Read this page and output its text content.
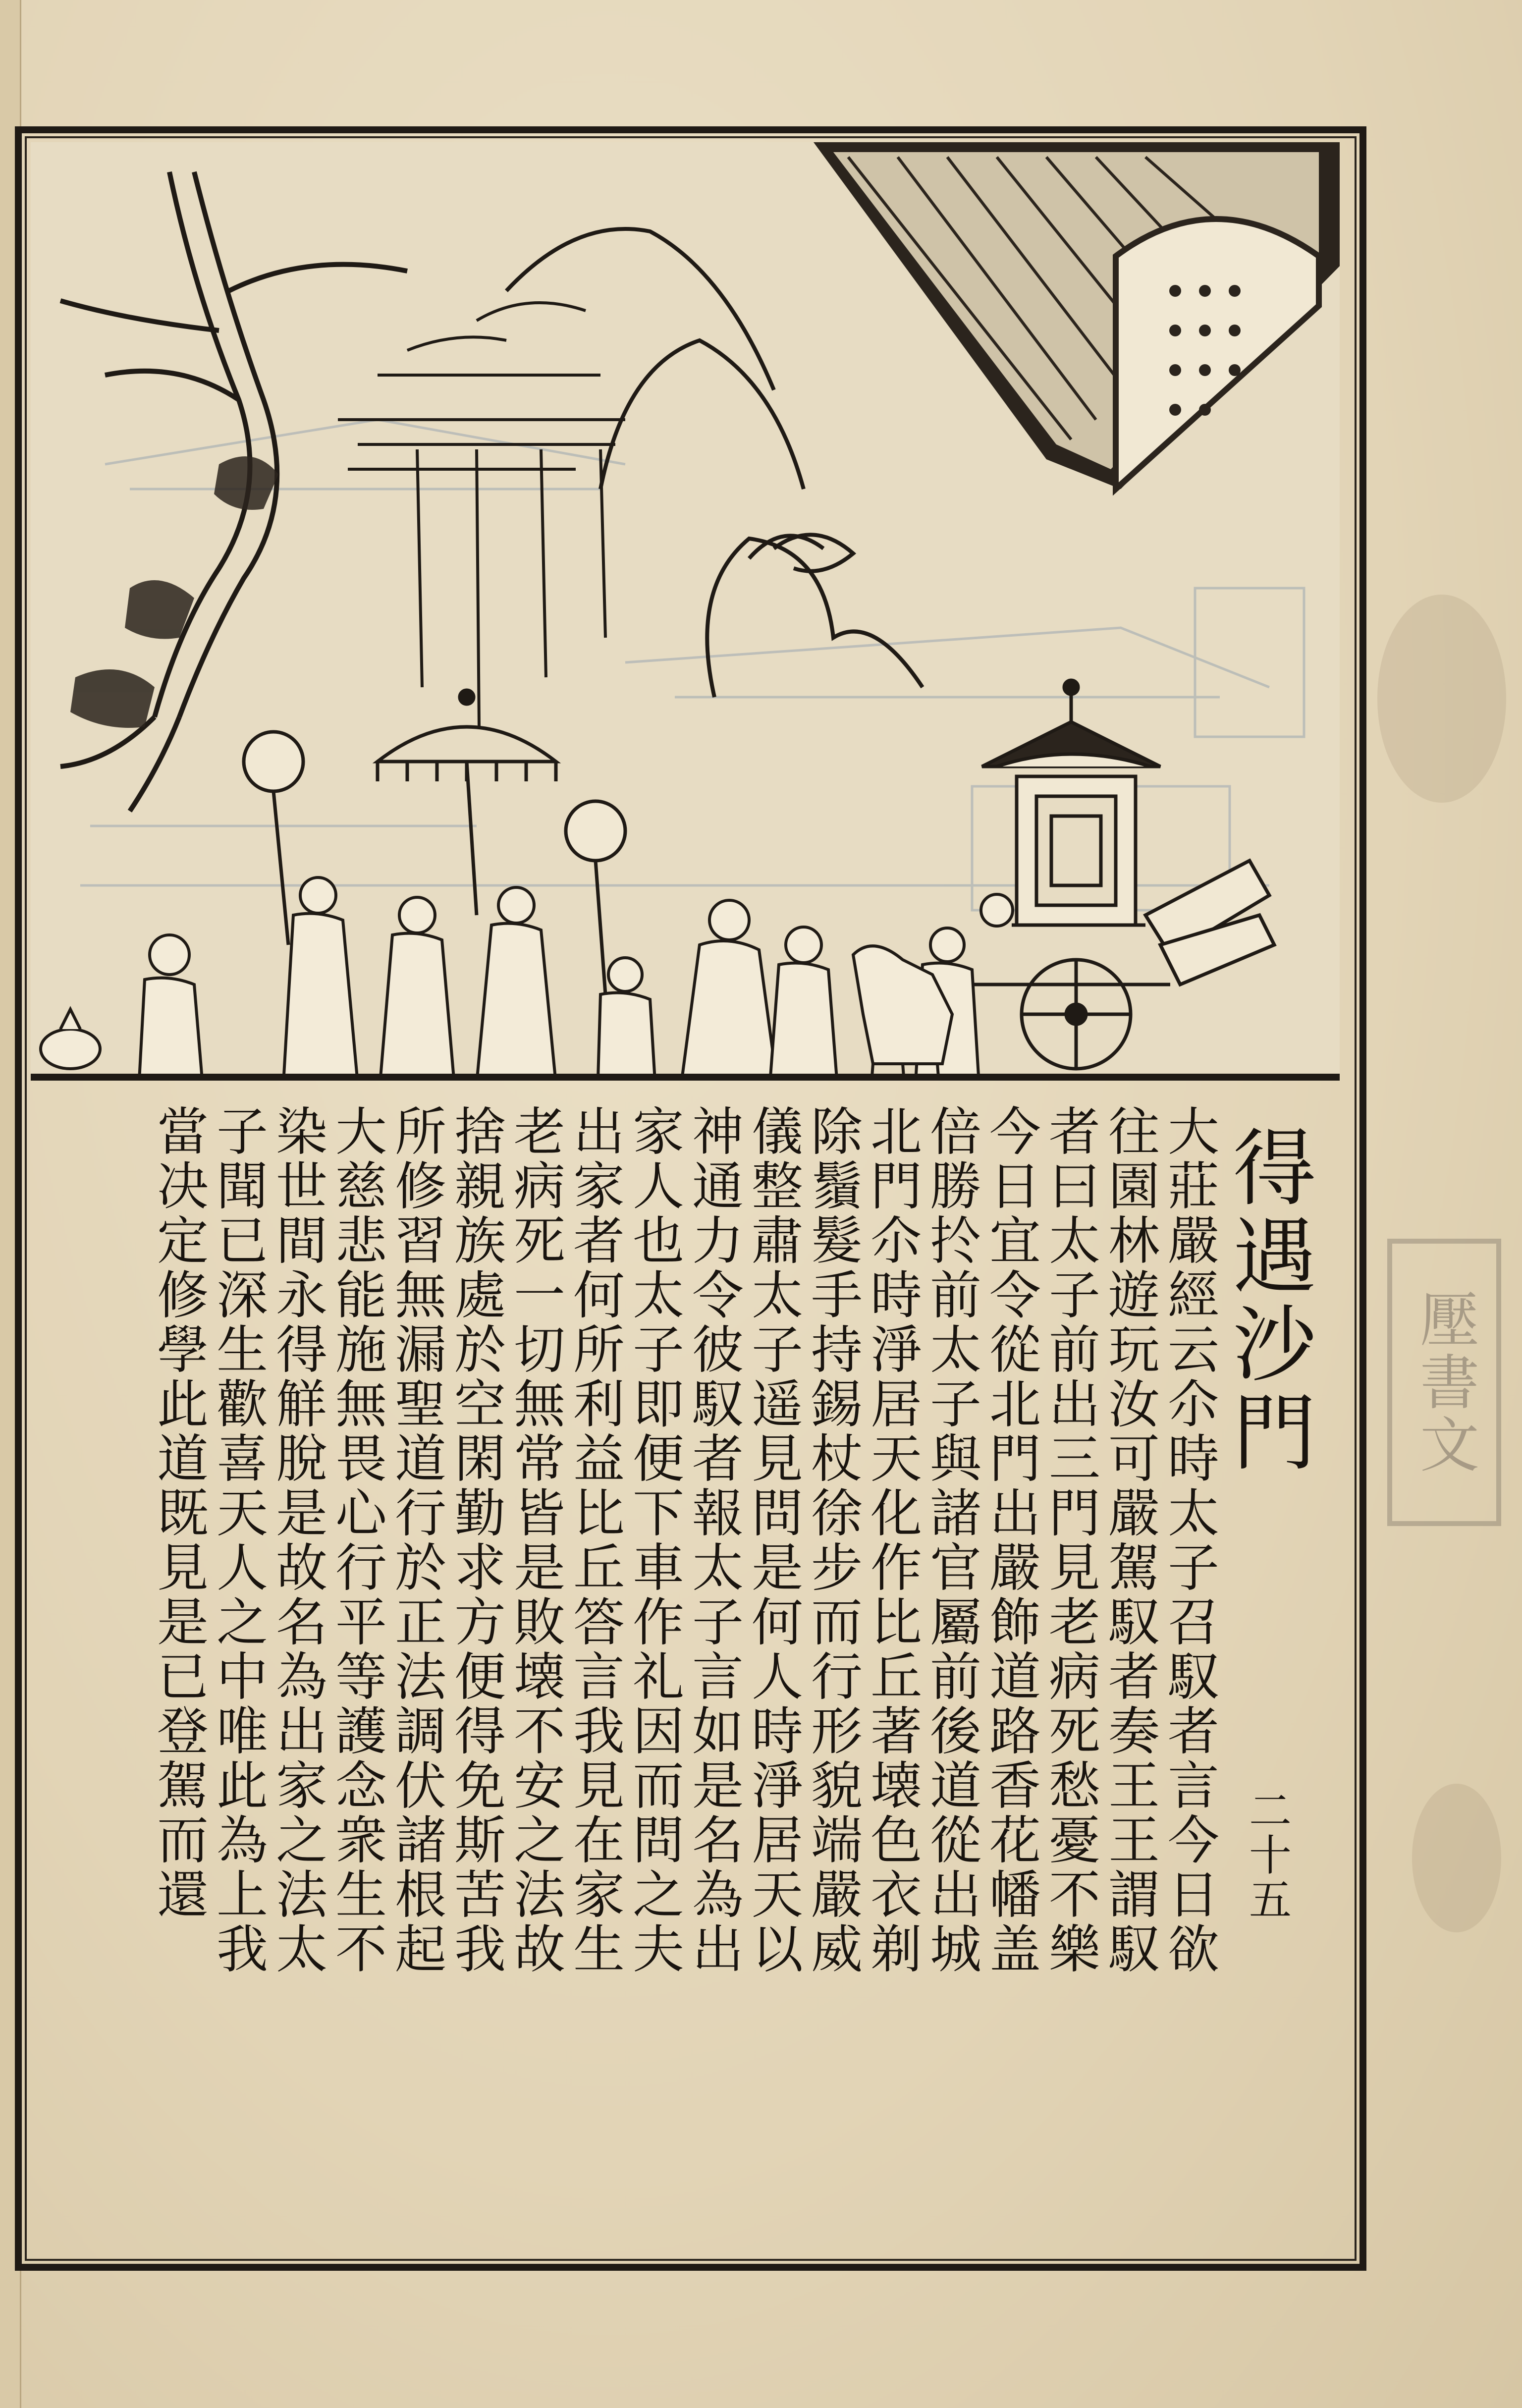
壓書文
得遇沙門
二十五
大莊嚴經云尒時太子召馭者言今日欲
往園林遊玩汝可嚴駕馭者奏王王謂馭
者曰太子前出三門見老病死愁憂不樂
今日宜令從北門出嚴飾道路香花幡盖
倍勝扵前太子與諸官屬前後道從出城
北門尒時淨居天化作比丘著壊色衣剃
除鬚髮手持錫杖徐步而行形貌端嚴威
儀整肅太子遥見問是何人時淨居天以
神通力令彼馭者報太子言如是名為出
家人也太子即便下車作礼因而問之夫
出家者何所利益比丘答言我見在家生
老病死一切無常皆是敗壊不安之法故
捨親族處於空閑勤求方便得免斯苦我
所修習無漏聖道行於正法調伏諸根起
大慈悲能施無畏心行平等護念衆生不
染世間永得觧脫是故名為出家之法太
子聞已深生歡喜天人之中唯此為上我
當决定修學此道既見是已登駕而還
